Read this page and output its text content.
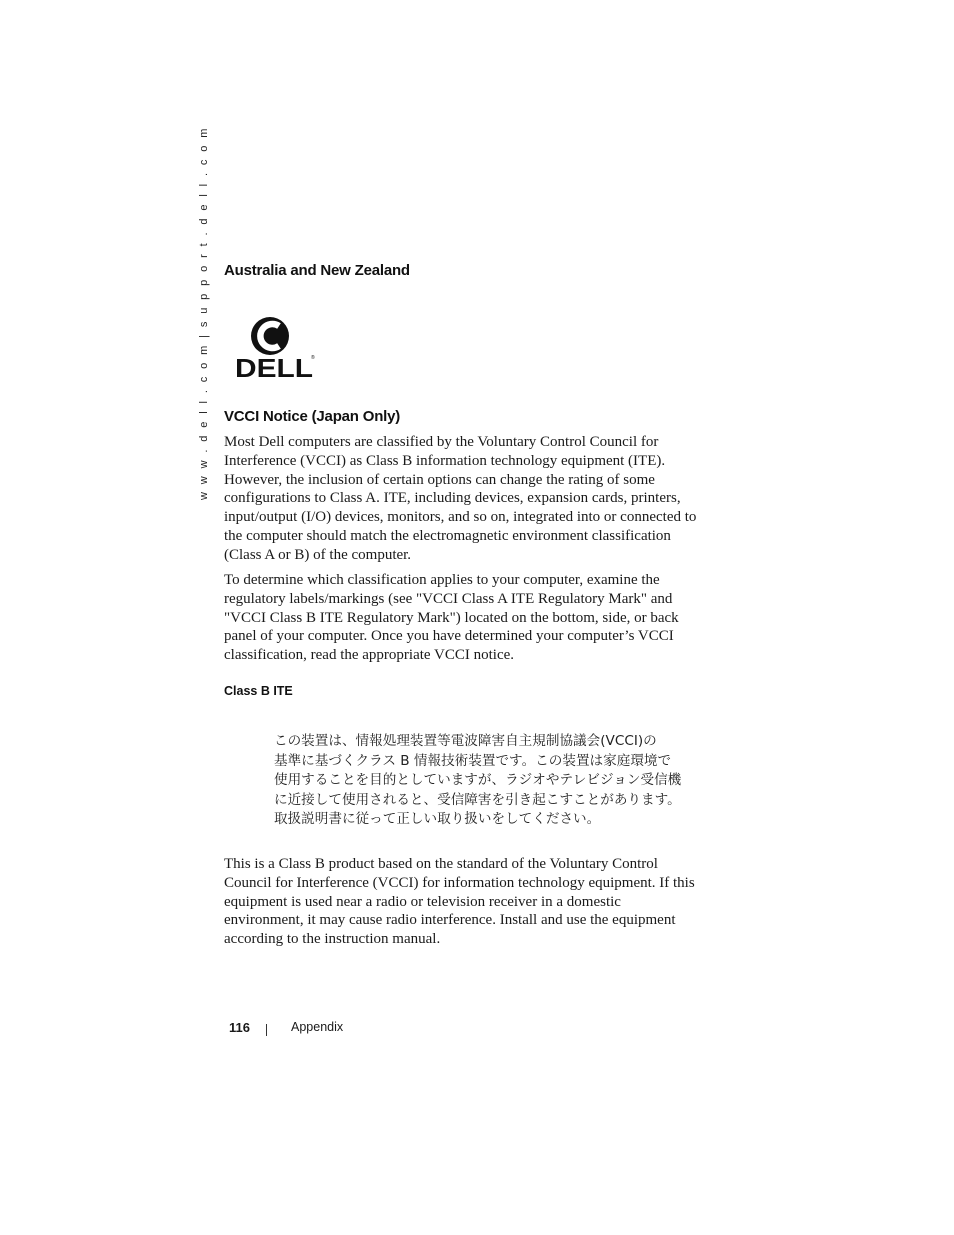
w w w . d e l l . c o m | s u p p o r t . d e l l . c o m Australia and New Zealand
DELL
®
VCCI Notice (Japan Only)

Most Dell computers are classified by the Voluntary Control Council for Interference (VCCI) as Class B information technology equipment (ITE). However, the inclusion of certain options can change the rating of some configurations to Class A. ITE, including devices, expansion cards, printers, input/output (I/O) devices, monitors, and so on, integrated into or connected to the computer should match the electromagnetic environment classification (Class A or B) of the computer.

To determine which classification applies to your computer, examine the regulatory labels/markings (see "VCCI Class A ITE Regulatory Mark" and "VCCI Class B ITE Regulatory Mark") located on the bottom, side, or back panel of your computer. Once you have determined your computer’s VCCI classification, read the appropriate VCCI notice.

Class B ITE
この装置は、情報処理装置等電波障害自主規制協議会(VCCI)の
基準に基づくクラス B 情報技術装置です。この装置は家庭環境で
使用することを目的としていますが、ラジオやテレビジョン受信機
に近接して使用されると、受信障害を引き起こすことがあります。
取扱説明書に従って正しい取り扱いをしてください。

This is a Class B product based on the standard of the Voluntary Control Council for Interference (VCCI) for information technology equipment. If this equipment is used near a radio or television receiver in a domestic environment, it may cause radio interference. Install and use the equipment according to the instruction manual.

116	Appendix
